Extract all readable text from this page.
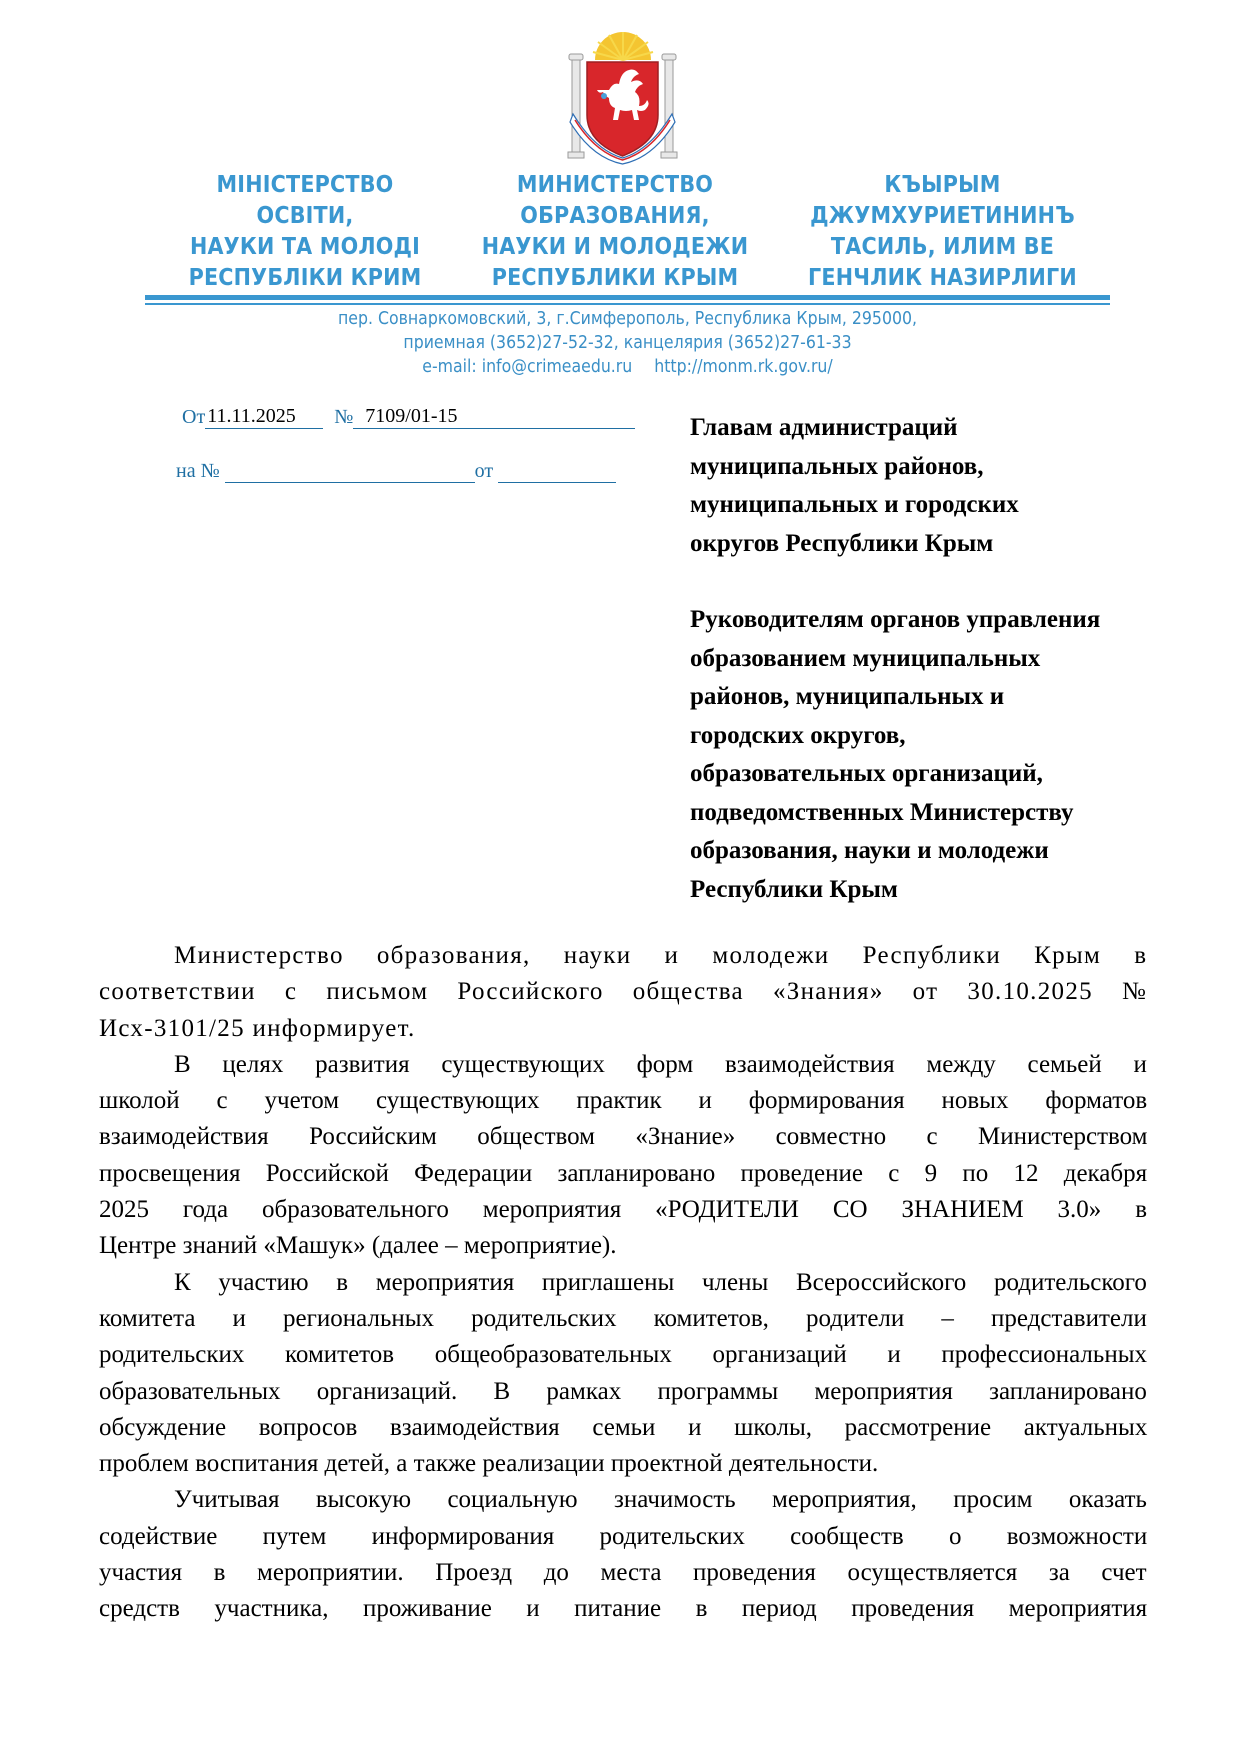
МІНІСТЕРСТВО
ОСВІТИ,
НАУКИ ТА МОЛОДІ
РЕСПУБЛІКИ КРИМ
МИНИСТЕРСТВО
ОБРАЗОВАНИЯ,
НАУКИ И МОЛОДЕЖИ
РЕСПУБЛИКИ КРЫМ
КЪЫРЫМ
ДЖУМХУРИЕТИНИНЪ
ТАСИЛЬ, ИЛИМ ВЕ
ГЕНЧЛИК НАЗИРЛИГИ
пер. Совнаркомовский, 3, г.Симферополь, Республика Крым, 295000,
приемная (3652)27-52-32, канцелярия (3652)27-61-33
e-mail: info@crimeaedu.ru http://monm.rk.gov.ru/
От 11.11.2025 № 7109/01-15
на №	от
Главам администраций
муниципальных районов,
муниципальных и городских
округов Республики Крым
Руководителям органов управления
образованием муниципальных
районов, муниципальных и
городских округов,
образовательных организаций,
подведомственных Министерству
образования, науки и молодежи
Республики Крым

Министерство образования, науки и молодежи Республики Крым в
соответствии с письмом Российского общества «Знания» от 30.10.2025 №
Исх-3101/25 информирует.

В целях развития существующих форм взаимодействия между семьей и
школой с учетом существующих практик и формирования новых форматов
взаимодействия Российским обществом «Знание» совместно с Министерством
просвещения Российской Федерации запланировано проведение с 9 по 12 декабря
2025 года образовательного мероприятия «РОДИТЕЛИ СО ЗНАНИЕМ 3.0» в
Центре знаний «Машук» (далее – мероприятие).

К участию в мероприятия приглашены члены Всероссийского родительского
комитета и региональных родительских комитетов, родители – представители
родительских комитетов общеобразовательных организаций и профессиональных
образовательных организаций. В рамках программы мероприятия запланировано
обсуждение вопросов взаимодействия семьи и школы, рассмотрение актуальных
проблем воспитания детей, а также реализации проектной деятельности.

Учитывая высокую социальную значимость мероприятия, просим оказать
содействие путем информирования родительских сообществ о возможности
участия в мероприятии. Проезд до места проведения осуществляется за счет
средств участника, проживание и питание в период проведения мероприятия
